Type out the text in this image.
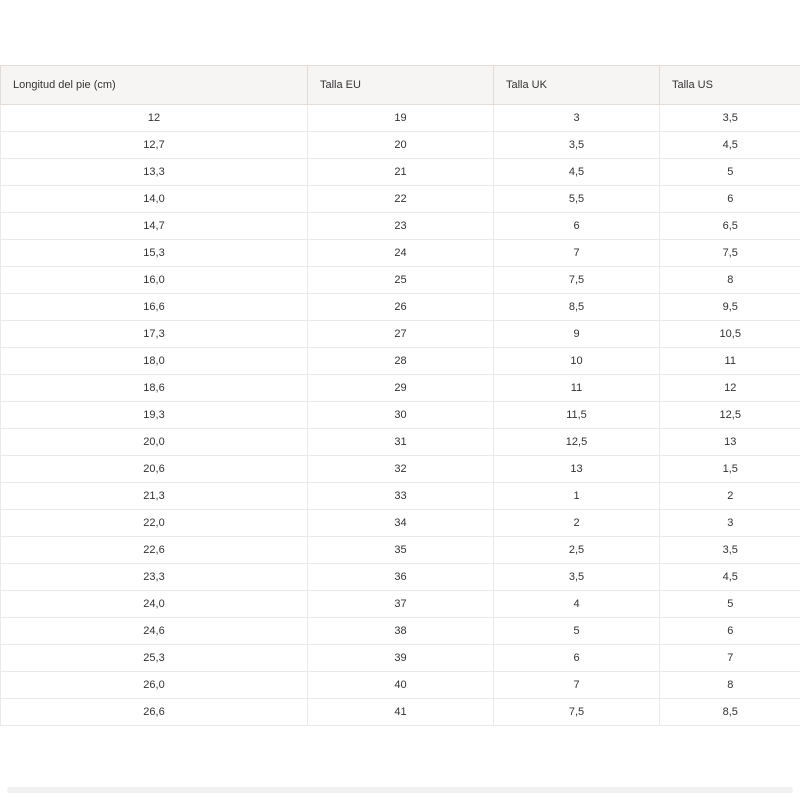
Longitud del pie (cm)	Talla EU	Talla UK	Talla US
12	19	3	3,5
12,7	20	3,5	4,5
13,3	21	4,5	5
14,0	22	5,5	6
14,7	23	6	6,5
15,3	24	7	7,5
16,0	25	7,5	8
16,6	26	8,5	9,5
17,3	27	9	10,5
18,0	28	10	11
18,6	29	11	12
19,3	30	11,5	12,5
20,0	31	12,5	13
20,6	32	13	1,5
21,3	33	1	2
22,0	34	2	3
22,6	35	2,5	3,5
23,3	36	3,5	4,5
24,0	37	4	5
24,6	38	5	6
25,3	39	6	7
26,0	40	7	8
26,6	41	7,5	8,5
